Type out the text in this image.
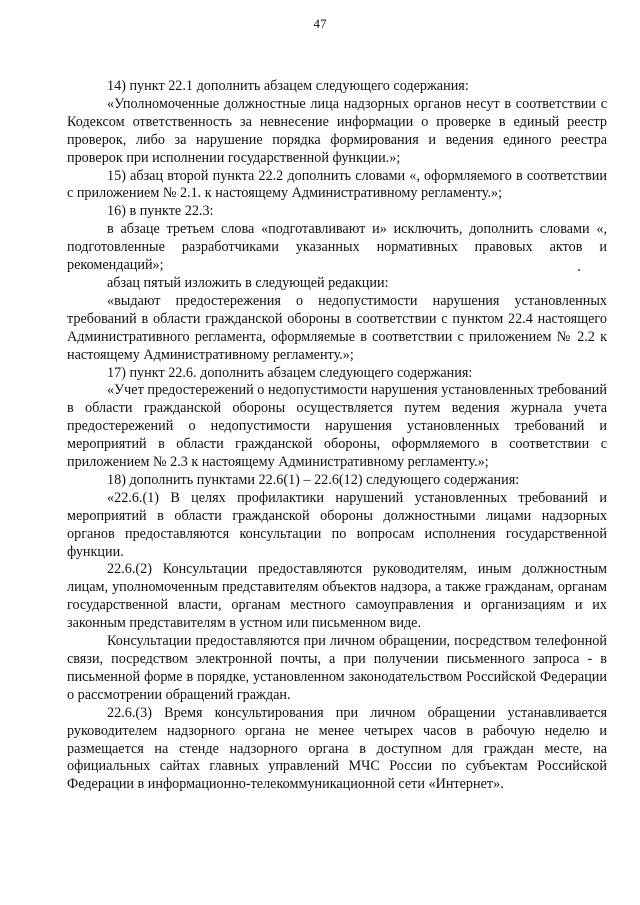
47

14) пункт 22.1 дополнить абзацем следующего содержания:

«Уполномоченные должностные лица надзорных органов несут в соответствии с Кодексом ответственность за невнесение информации о проверке в единый реестр проверок, либо за нарушение порядка формирования и ведения единого реестра проверок при исполнении государственной функции.»;

15) абзац второй пункта 22.2 дополнить словами «, оформляемого в соответствии с приложением № 2.1. к настоящему Административному регламенту.»;

16) в пункте 22.3:

в абзаце третьем слова «подготавливают и» исключить, дополнить словами «, подготовленные разработчиками указанных нормативных правовых актов и рекомендаций»;

абзац пятый изложить в следующей редакции:

«выдают предостережения о недопустимости нарушения установленных требований в области гражданской обороны в соответствии с пунктом 22.4 настоящего Административного регламента, оформляемые в соответствии с приложением № 2.2 к настоящему Административному регламенту.»;

17) пункт 22.6. дополнить абзацем следующего содержания:

«Учет предостережений о недопустимости нарушения установленных требований в области гражданской обороны осуществляется путем ведения журнала учета предостережений о недопустимости нарушения установленных требований и мероприятий в области гражданской обороны, оформляемого в соответствии с приложением № 2.3 к настоящему Административному регламенту.»;

18) дополнить пунктами 22.6(1) – 22.6(12) следующего содержания:

«22.6.(1) В целях профилактики нарушений установленных требований и мероприятий в области гражданской обороны должностными лицами надзорных органов предоставляются консультации по вопросам исполнения государственной функции.

22.6.(2) Консультации предоставляются руководителям, иным должностным лицам, уполномоченным представителям объектов надзора, а также гражданам, органам государственной власти, органам местного самоуправления и организациям и их законным представителям в устном или письменном виде.

Консультации предоставляются при личном обращении, посредством телефонной связи, посредством электронной почты, а при получении письменного запроса - в письменной форме в порядке, установленном законодательством Российской Федерации о рассмотрении обращений граждан.

22.6.(3) Время консультирования при личном обращении устанавливается руководителем надзорного органа не менее четырех часов в рабочую неделю и размещается на стенде надзорного органа в доступном для граждан месте, на официальных сайтах главных управлений МЧС России по субъектам Российской Федерации в информационно-телекоммуникационной сети «Интернет».
